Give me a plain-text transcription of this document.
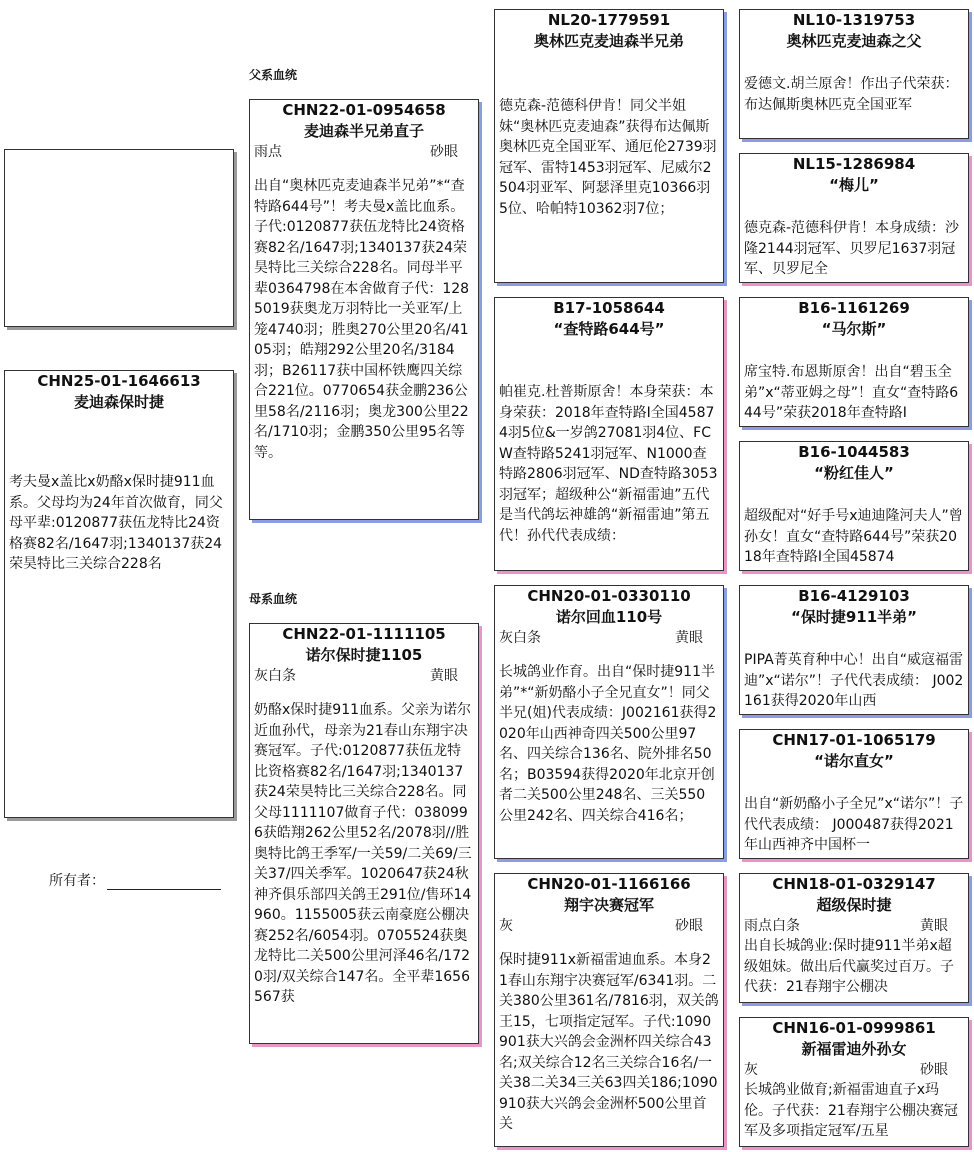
CHN25-01-1646613
麦迪森保时捷
考夫曼x盖比x奶酪x保时捷911血系。父母均为24年首次做育，同父母平辈:0120877获伍龙特比24资格赛82名/1647羽;1340137获24荣昊特比三关综合228名
所有者：
父系血统
母系血统
CHN22-01-0954658
麦迪森半兄弟直子
雨点	砂眼
出自“奥林匹克麦迪森半兄弟”*“查特路644号”！考夫曼x盖比血系。子代:0120877获伍龙特比24资格赛82名/1647羽;1340137获24荣昊特比三关综合228名。同母半平辈0364798在本舍做育子代：1285019获奥龙万羽特比一关亚军/上笼4740羽；胜奥270公里20名/4105羽；皓翔292公里20名/3184羽；B26117获中国杯铁鹰四关综合221位。0770654获金鹏236公里58名/2116羽；奥龙300公里22名/1710羽；金鹏350公里95名等等。
CHN22-01-1111105
诺尔保时捷1105
灰白条	黄眼
奶酪x保时捷911血系。父亲为诺尔近血孙代，母亲为21春山东翔宇决赛冠军。子代:0120877获伍龙特比资格赛82名/1647羽;1340137获24荣昊特比三关综合228名。同父母1111107做育子代：0380996获皓翔262公里52名/2078羽//胜奥特比鸽王季军/一关59/二关69/三关37/四关季军。1020647获24秋神齐俱乐部四关鸽王291位/售环14960。1155005获云南豪庭公棚决赛252名/6054羽。0705524获奥龙特比二关500公里河泽46名/1720羽/双关综合147名。全平辈1656567获
NL20-1779591
奥林匹克麦迪森半兄弟
德克森-范德科伊肯！同父半姐妹“奥林匹克麦迪森”获得布达佩斯奥林匹克全国亚军、通厄伦2739羽冠军、雷特1453羽冠军、尼威尔2504羽亚军、阿瑟泽里克10366羽5位、哈帕特10362羽7位；
B17-1058644
“查特路644号”
帕崔克.杜普斯原舍！本身荣获：本身荣获：2018年查特路I全国45874羽5位&一岁鸽27081羽4位、FCW查特路5241羽冠军、N1000查特路2806羽冠军、ND查特路3053羽冠军；超级种公“新福雷迪”五代是当代鸽坛神雄鸽“新福雷迪”第五代！孙代代表成绩：
CHN20-01-0330110
诺尔回血110号
灰白条	黄眼
长城鸽业作育。出自“保时捷911半弟”*“新奶酪小子全兄直女”！同父半兄(姐)代表成绩：J002161获得2020年山西神奇四关500公里97名、四关综合136名、院外排名50名；B03594获得2020年北京开创者二关500公里248名、三关550公里242名、四关综合416名；
CHN20-01-1166166
翔宇决赛冠军
灰	砂眼
保时捷911x新福雷迪血系。本身21春山东翔宇决赛冠军/6341羽。二关380公里361名/7816羽，双关鸽王15，七项指定冠军。子代:1090901获大兴鸽会金洲杯四关综合43名;双关综合12名三关综合16名/一关38二关34三关63四关186;1090910获大兴鸽会金洲杯500公里首关
NL10-1319753
奥林匹克麦迪森之父
爱德文.胡兰原舍！作出子代荣获：布达佩斯奥林匹克全国亚军
NL15-1286984
“梅儿”
德克森-范德科伊肯！本身成绩：沙隆2144羽冠军、贝罗尼1637羽冠军、贝罗尼全
B16-1161269
“马尔斯”
席宝特.布恩斯原舍！出自“碧玉全弟”x“蒂亚姆之母”！直女“查特路644号”荣获2018年查特路I
B16-1044583
“粉红佳人”
超级配对“好手号x迪迪隆河夫人”曾孙女！直女“查特路644号”荣获2018年查特路I全国45874
B16-4129103
“保时捷911半弟”
PIPA菁英育种中心！出自“威寇福雷迪”x“诺尔”！子代代表成绩： J002161获得2020年山西
CHN17-01-1065179
“诺尔直女”
出自“新奶酪小子全兄”x“诺尔”！子代代表成绩： J000487获得2021年山西神齐中国杯一
CHN18-01-0329147
超级保时捷
雨点白条	黄眼
出自长城鸽业:保时捷911半弟x超级姐妹。做出后代赢奖过百万。子代获：21春翔宇公棚决
CHN16-01-0999861
新福雷迪外孙女
灰	砂眼
长城鸽业做育;新福雷迪直子x玛伦。子代获：21春翔宇公棚决赛冠军及多项指定冠军/五星
